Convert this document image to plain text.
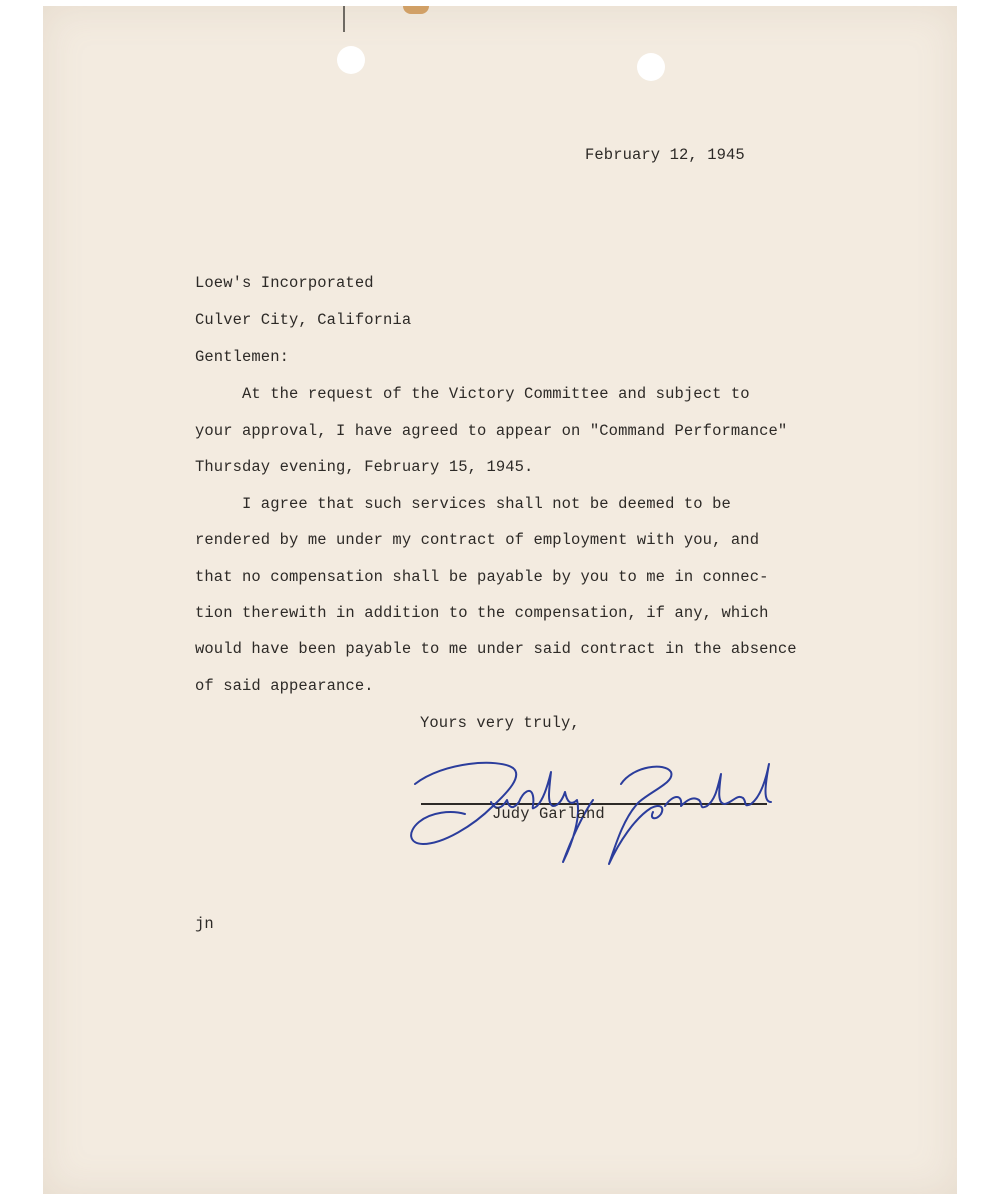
February 12, 1945
Loew's Incorporated
Culver City, California
Gentlemen:
At the request of the Victory Committee and subject to
your approval, I have agreed to appear on "Command Performance"
Thursday evening, February 15, 1945.
I agree that such services shall not be deemed to be
rendered by me under my contract of employment with you, and
that no compensation shall be payable by you to me in connec-
tion therewith in addition to the compensation, if any, which
would have been payable to me under said contract in the absence
of said appearance.
Yours very truly,
Judy Garland
jn
